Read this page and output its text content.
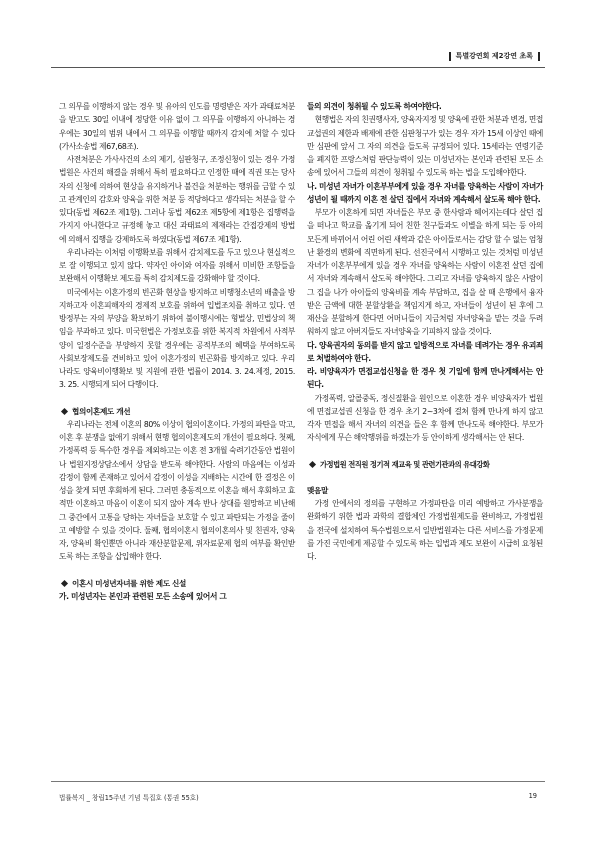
특별강연회 제2강연 초록

그 의무를 이행하지 않는 경우 및 유아의 인도를 명령받은 자가 과태료처분을 받고도 30일 이내에 정당한 이유 없이 그 의무를 이행하지 아니하는 경우에는 30일의 범위 내에서 그 의무를 이행할 때까지 감치에 처할 수 있다(가사소송법 제67,68조).

사전처분은 가사사건의 소의 제기, 심판청구, 조정신청이 있는 경우 가정법원은 사건의 해결을 위해서 특히 필요하다고 인정한 때에 직권 또는 당사자의 신청에 의하여 현상을 유지하거나 불건을 처분하는 행위를 금할 수 있고 관계인의 감호와 양육을 위한 처분 등 적당하다고 생각되는 처분을 할 수 있다(동법 제62조 제1항). 그러나 동법 제62조 제5항에 제1항은 집행력을 가지지 아니한다고 규정해 놓고 대신 과태료의 제재라는 간접강제의 방법에 의해서 집행을 강제하도록 하였다(동법 제67조 제1항).

우리나라는 이처럼 이행확보를 위해서 감치제도를 두고 있으나 현실적으로 잘 이행되고 있지 않다. 약자인 아이와 여자를 위해서 미비한 조항들을 보완해서 이행확보 제도를 특히 감치제도를 강화해야 할 것이다.

미국에서는 이혼가정의 빈곤화 현상을 방지하고 비행청소년의 배출을 방지하고자 이혼피해자의 경제적 보호를 위하여 입법조치를 취하고 있다. 연방정부는 자의 부양을 확보하기 위하여 불이행시에는 형벌상, 민법상의 책임을 부과하고 있다. 미국헌법은 가정보호를 위한 복지적 차원에서 사적부양이 일정수준을 부양하지 못할 경우에는 공적부조의 혜택을 부여하도록 사회보장제도를 견비하고 있어 이혼가정의 빈곤화를 방지하고 있다. 우리나라도 양육비이행확보 및 지원에 관한 법률이 2014. 3. 24.제정, 2015. 3. 25. 시행되게 되어 다행이다.

협의이혼제도 개선

우리나라는 전체 이혼의 80% 이상이 협의이혼이다. 가정의 파탄을 막고, 이혼 후 분쟁을 없애기 위해서 현행 협의이혼제도의 개선이 필요하다. 첫째, 가정폭력 등 특수한 경우를 제외하고는 이혼 전 3개월 숙려기간동안 법원이나 법원지정상담소에서 상담을 받도록 해야한다. 사람의 마음에는 이성과 감정이 함께 존재하고 있어서 감정이 이성을 지배하는 시간에 한 결정은 이성을 찾게 되면 후회하게 된다. 그러면 충동적으로 이혼을 해서 후회하고 효적만 이혼하고 마음이 이혼이 되지 않아 계속 반나 상대를 원망하고 비난해 그 중간에서 고통을 당하는 자녀들을 보호할 수 있고 파탄되는 가정을 줄이고 예방할 수 있을 것이다. 둘째, 협의이혼시 협의이혼의사 및 친권자, 양육자, 양육비 확인뿐만 아니라 재산분할문제, 위자료문제 협의 여부를 확인받도록 하는 조항을 삽입해야 한다.

이혼시 미성년자녀를 위한 제도 신설

가. 미성년자는 본인과 관련된 모든 소송에 있어서 그

들의 의견이 청취될 수 있도록 하여야한다.

현행법은 자의 친권행사자, 양육자지정 및 양육에 관한 처분과 변경, 면접교섭권의 제한과 배제에 관한 심판청구가 있는 경우 자가 15세 이상인 때에만 심판에 앞서 그 자의 의견을 들도록 규정되어 있다. 15세라는 연령기준을 폐지한 프랑스처럼 판단능력이 있는 미성년자는 본인과 관련된 모든 소송에 있어서 그들의 의견이 청취될 수 있도록 하는 법을 도입해야한다.

나. 미성년 자녀가 이혼부부에게 있을 경우 자녀를 양육하는 사람이 자녀가 성년이 될 때까지 이혼 전 살던 집에서 자녀와 계속해서 살도록 해야 한다.

부모가 이혼하게 되면 자녀들은 부모 중 한사람과 헤어지는데다 살던 집을 떠나고 학교를 옮기게 되어 친한 친구들과도 이별을 하게 되는 등 아의 모든게 바뀌어서 어린 어린 새싹과 같은 아이들로서는 감당 할 수 없는 엄청난 환경의 변화에 직면하게 된다. 선진국에서 시행하고 있는 것처럼 미성년자녀가 이혼부부에게 있을 경우 자녀를 양육하는 사람이 이혼전 살던 집에서 자녀와 계속해서 살도록 해야한다. 그리고 자녀를 양육하지 않은 사람이 그 집을 나가 아이들의 양육비를 계속 부담하고, 집을 살 때 은행에서 융자받은 금액에 대한 분할상환을 책임지게 하고, 자녀들이 성년이 된 후에 그 재산을 분할하게 한다면 어머니들이 지금처럼 자녀양육을 맡는 것을 두려워하지 않고 아버지들도 자녀양육을 기피하지 않을 것이다.

다. 양육권자의 동의를 받지 않고 일방적으로 자녀를 데려가는 경우 유괴죄로 처벌하여야 한다.

라. 비양육자가 면접교섭신청을 한 경우 첫 기일에 함께 만나게해서는 안 된다.

가정폭력, 알콜중독, 정신질환을 원인으로 이혼한 경우 비양육자가 법원에 면접교섭권 신청을 한 경우 초기 2~3차에 걸쳐 함께 만나게 하지 않고 각자 면접을 해서 자녀의 의견을 들은 후 함께 만나도록 해야한다. 부모가 자식에게 무슨 해악행위를 하겠는가 등 안이하게 생각해서는 안 된다.

가정법원 전직원 정기적 재교육 및 관련기관과의 유대강화

맺음말

가정 안에서의 정의를 구현하고 가정파탄을 미리 예방하고 가사분쟁을 완화하기 위한 법과 과학의 결합체인 가정법원제도를 완비하고, 가정법원을 전국에 설치하여 특수법원으로서 일반법원과는 다른 서비스를 가정문제를 가진 국민에게 제공할 수 있도록 하는 입법과 제도 보완이 시급히 요청된다.

법률복지 _ 창립15주년 기념 특집호 (통권 55호)	19
